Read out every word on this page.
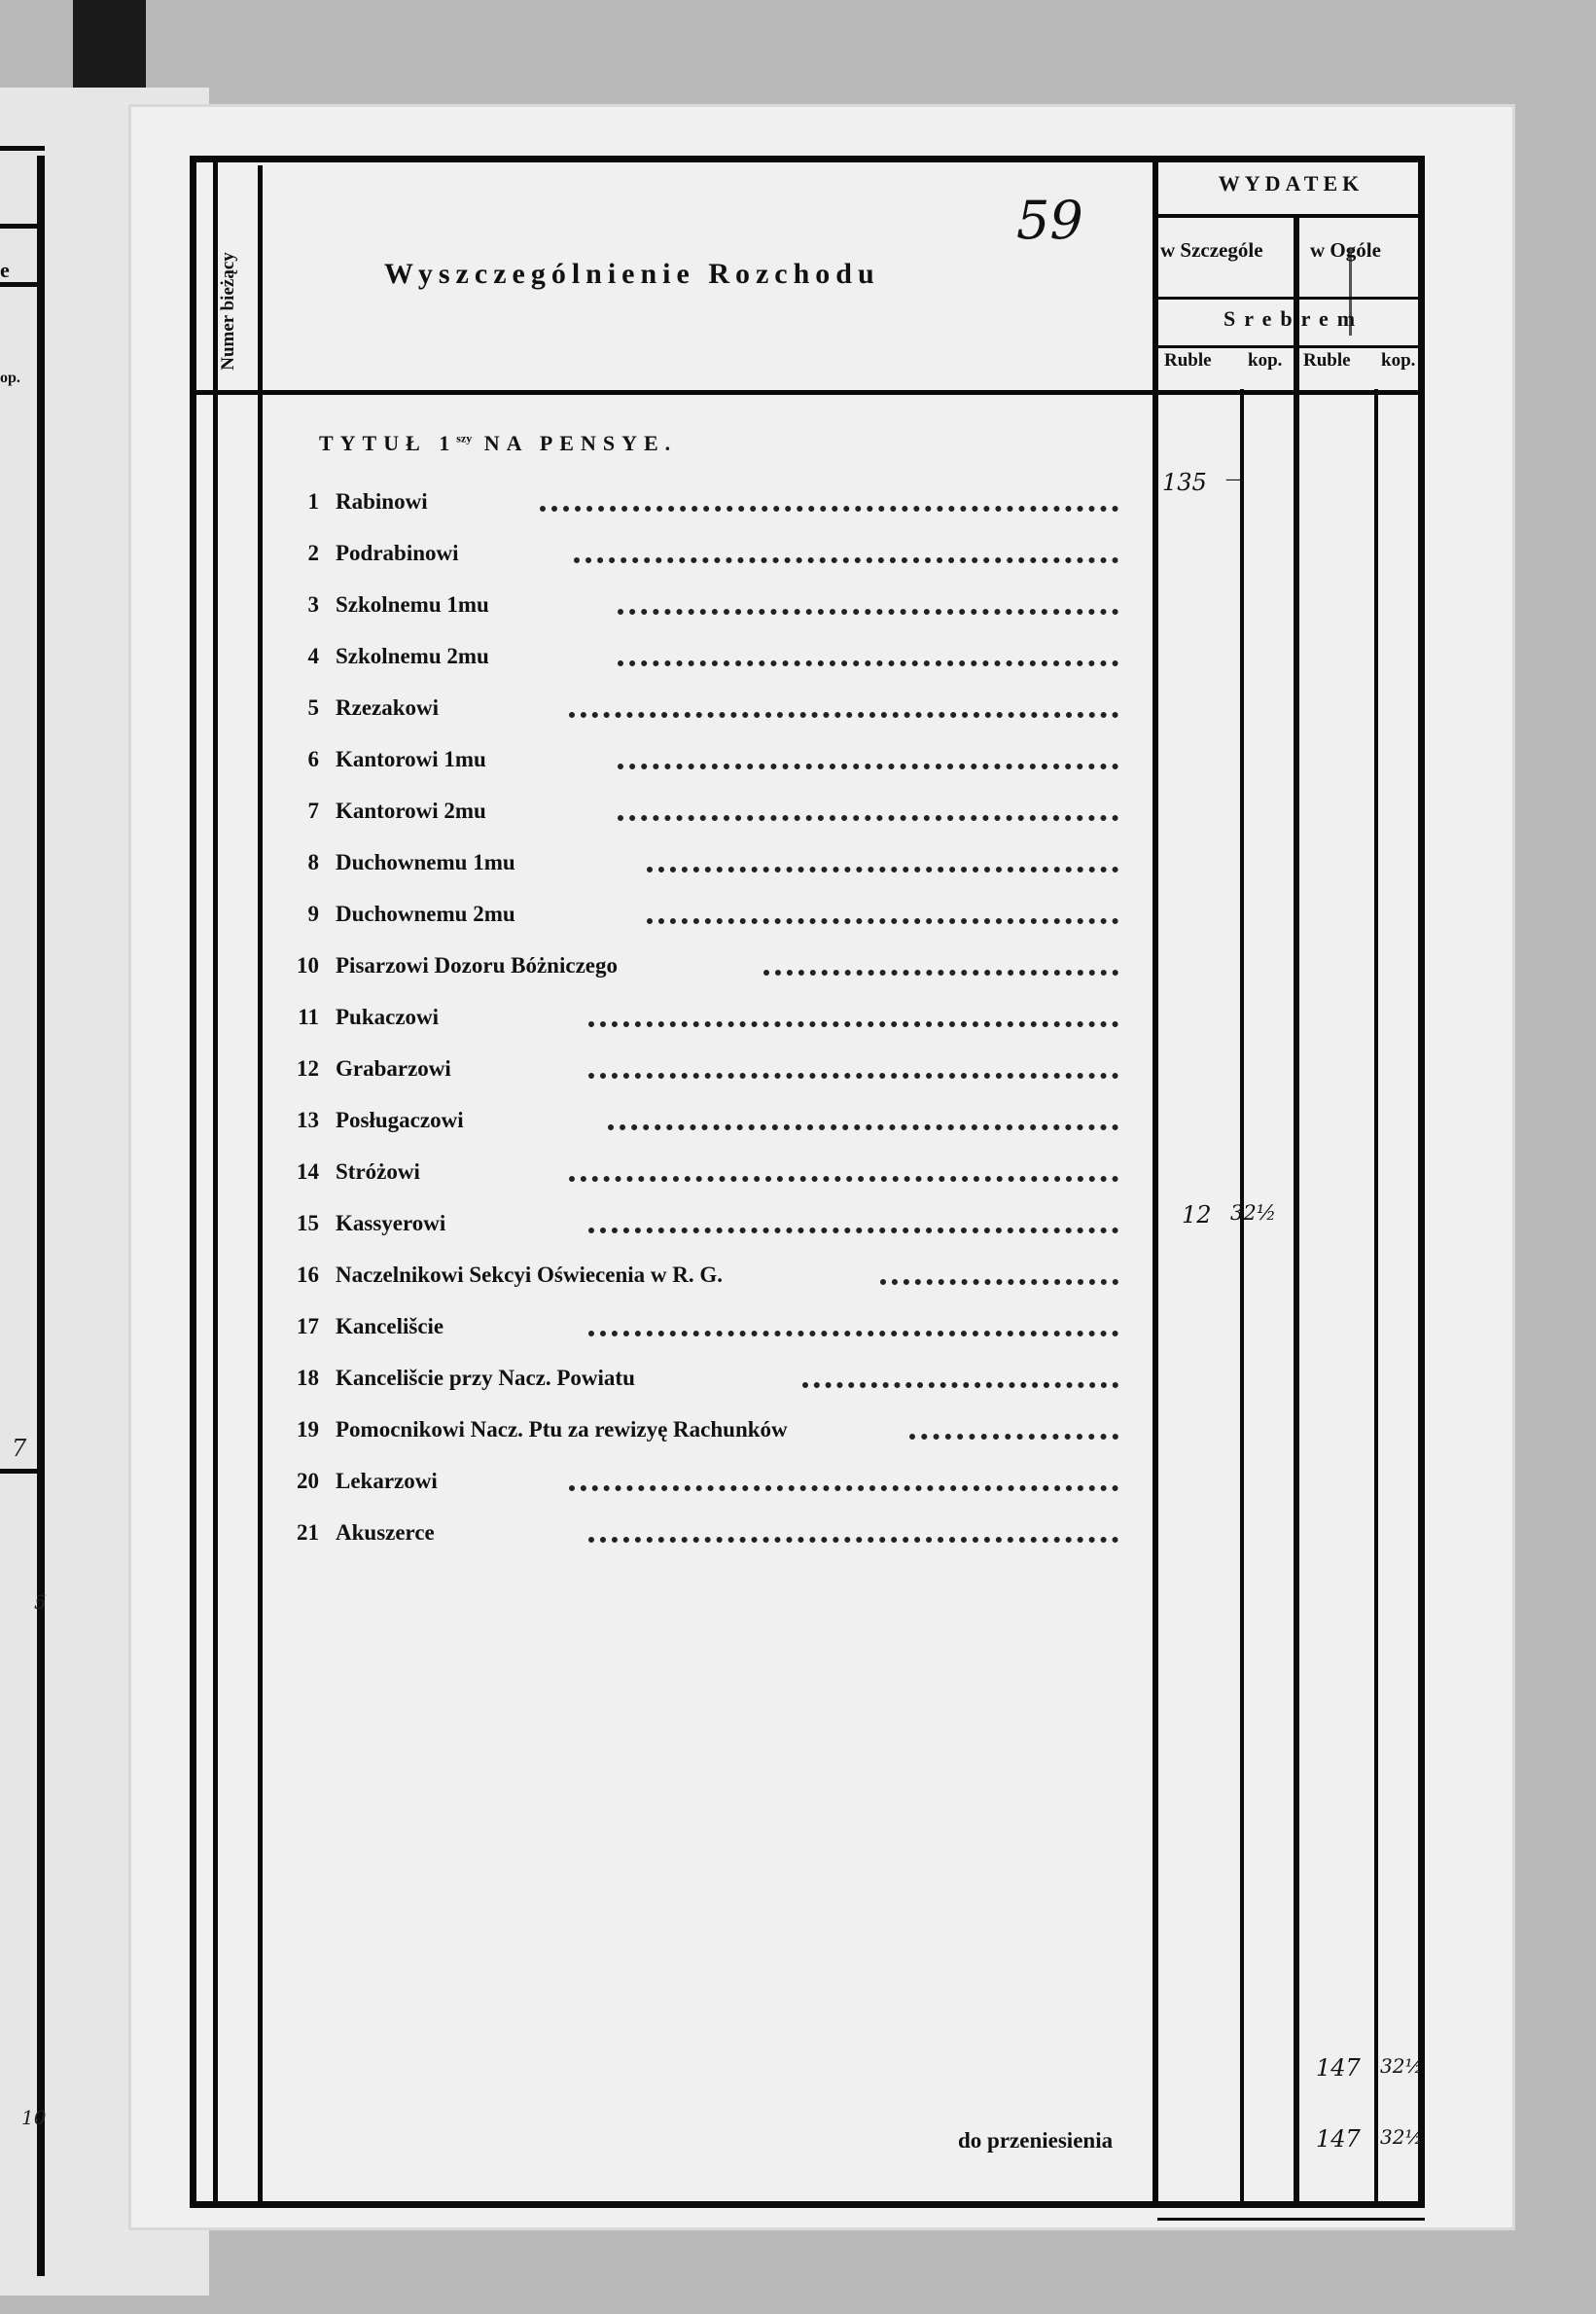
e
op.
7
5
10
Numer bieżący	Wyszczególnienie Rozchodu
59
WYDATEK
w Szczególe w Ogóle
Srebrem
Ruble kop. Ruble kop.
TYTUŁ $1^{szy}$ NA PENSYE.
1 Rabinowi
2 Podrabinowi
3 Szkolnemu 1mu
4 Szkolnemu 2mu
5 Rzezakowi
6 Kantorowi 1mu
7 Kantorowi 2mu
8 Duchownemu 1mu
9 Duchownemu 2mu
10 Pisarzowi Dozoru Bóżniczego
11 Pukaczowi
12 Grabarzowi
13 Posługaczowi
14 Stróżowi
15 Kassyerowi
16 Naczelnikowi Sekcyi Oświecenia w R. G.
17 Kancelišcie
18 Kancelišcie przy Nacz. Powiatu
19 Pomocnikowi Nacz. Ptu za rewizyę Rachunków
20 Lekarzowi
21 Akuszerce
135 —
12 32½
147 32½
do przeniesienia	147 32½
